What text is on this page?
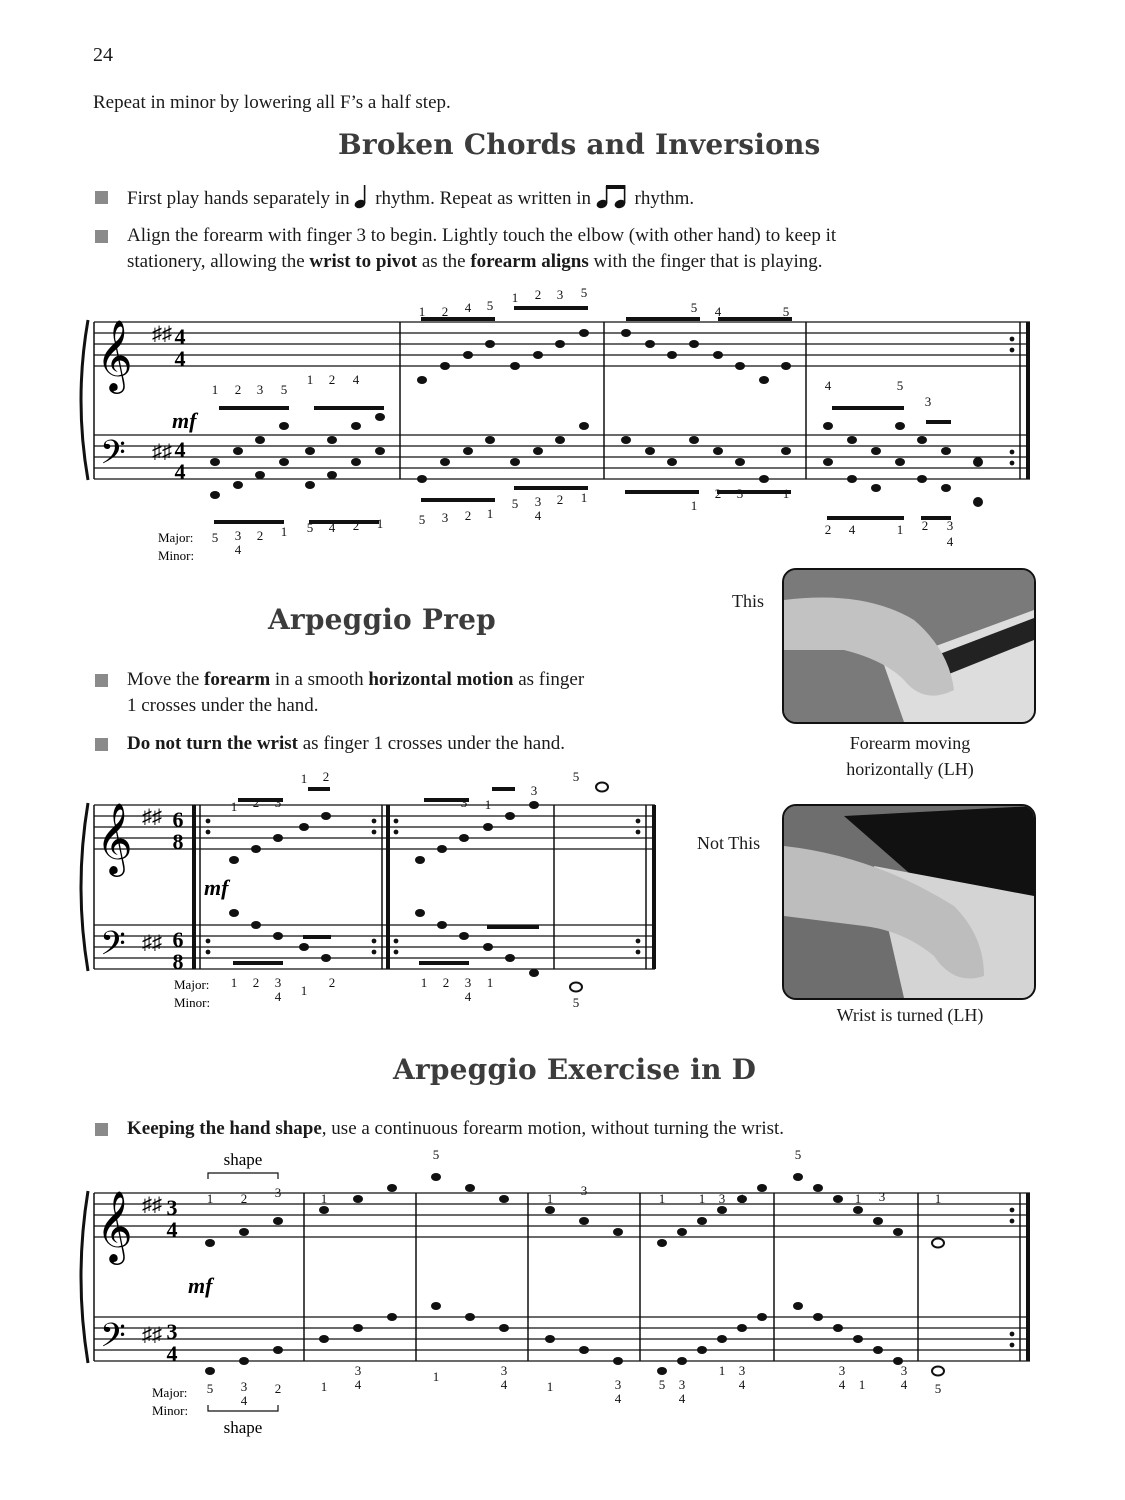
24
Repeat in minor by lowering all F’s a half step.
Broken Chords and Inversions
First play hands separately in rhythm. Repeat as written in rhythm.
Align the forearm with finger 3 to begin. Lightly touch the elbow (with other hand) to keep it
stationery, allowing the wrist to pivot as the forearm aligns with the finger that is playing.
𝄞
𝄢
♯♯
♯♯
4
4
4
4
mf
1 2 3 5
1 2 4
1 2 4 5
1 2 3 5
5 4	5
4	5
3
5 3
4
2 1 5 4 2 1	5 3 2 1
5 3
4
2 1
1
2 3	1
2 4	1 2 3
4
Major:
Minor:
Arpeggio Prep
Move the forearm in a smooth horizontal motion as finger
1 crosses under the hand.
Do not turn the wrist as finger 1 crosses under the hand.
𝄞
𝄢
♯♯
♯♯
6
8
6
8
mf
1 2 3
1 2
3 1
3
5
1 2 3
4 1
2	1 2 3
4
1
5
Major:
Minor:
This
Forearm moving
horizontally (LH)
Not This
Wrist is turned (LH)
Arpeggio Exercise in D
Keeping the hand shape, use a continuous forearm motion, without turning the wrist.
𝄞
𝄢
♯♯
♯♯
3
4
3
4
mf
shape
shape
1 2 3	1
5
1
3
1	1 3 1
5
1 3	1
5 3
4
2	1
3
4
1	3
4	1	3
4
5 3
4
1 3
4
3
4 1
3
4 5
Major:
Minor:
